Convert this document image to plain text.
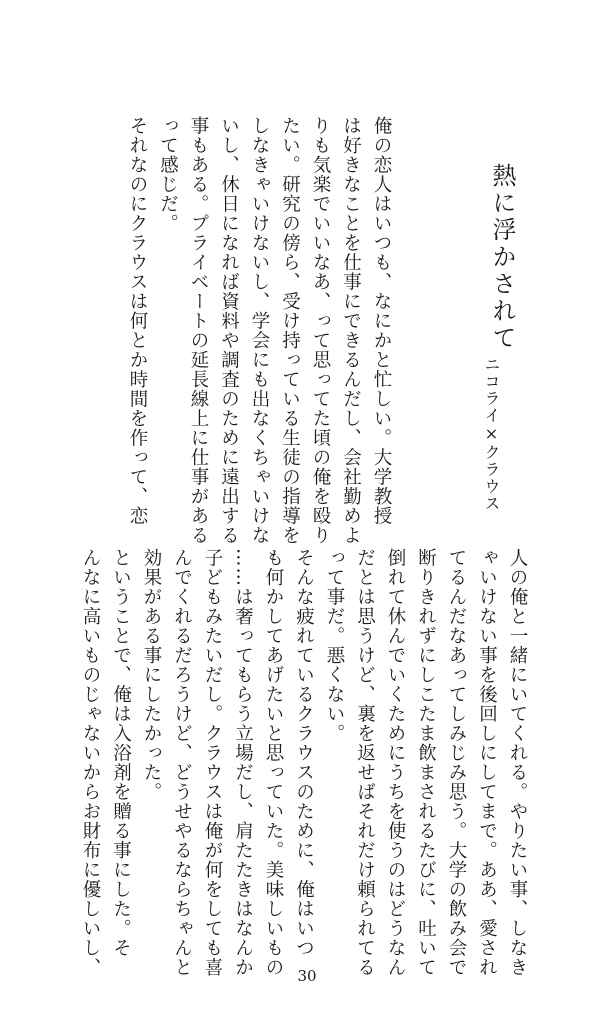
熱に浮かされて
ニコライ×クラウス
俺の恋人はいつも、なにかと忙しい。大学教授
は好きなことを仕事にできるんだし、会社勤めよ
りも気楽でいいなあ、って思ってた頃の俺を殴り
たい。研究の傍ら、受け持っている生徒の指導を
しなきゃいけないし、学会にも出なくちゃいけな
いし、休日になれば資料や調査のために遠出する
事もある。プライベートの延長線上に仕事がある
って感じだ。
それなのにクラウスは何とか時間を作って、恋
人の俺と一緒にいてくれる。やりたい事、しなき
ゃいけない事を後回しにしてまで。ああ、愛され
てるんだなあってしみじみ思う。大学の飲み会で
断りきれずにしこたま飲まされるたびに、吐いて
倒れて休んでいくためにうちを使うのはどうなん
だとは思うけど、裏を返せばそれだけ頼られてる
って事だ。悪くない。
そんな疲れているクラウスのために、俺はいつ
も何かしてあげたいと思っていた。美味しいもの
……は奢ってもらう立場だし、肩たたきはなんか
子どもみたいだし。クラウスは俺が何をしても喜
んでくれるだろうけど、どうせやるならちゃんと
効果がある事にしたかった。
ということで、俺は入浴剤を贈る事にした。そ
んなに高いものじゃないからお財布に優しいし、	30
